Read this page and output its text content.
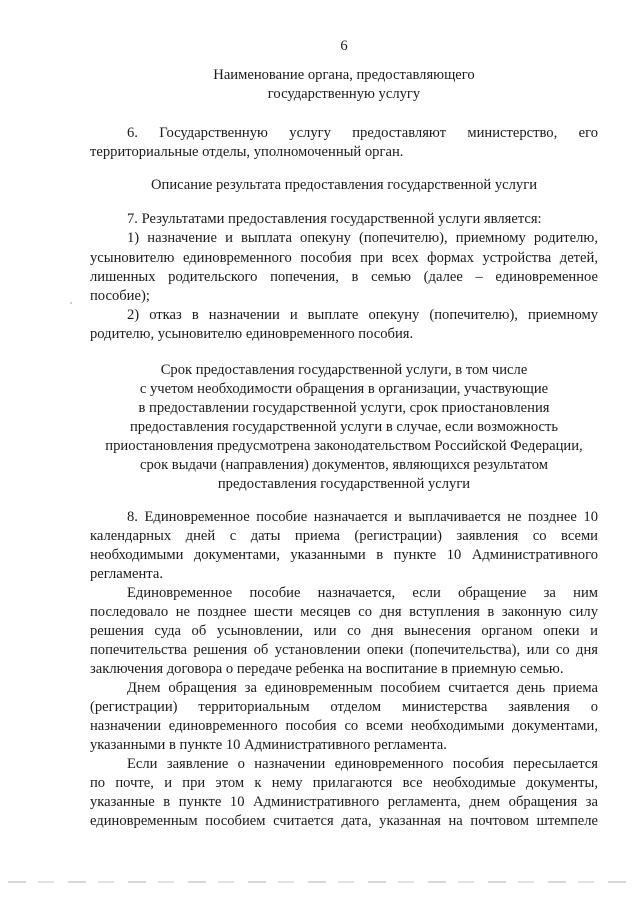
6
Наименование органа, предоставляющего
государственную услугу
6. Государственную услугу предоставляют министерство, его
территориальные отделы, уполномоченный орган.
Описание результата предоставления государственной услуги
7. Результатами предоставления государственной услуги является:
1) назначение и выплата опекуну (попечителю), приемному родителю,
усыновителю единовременного пособия при всех формах устройства детей,
лишенных родительского попечения, в семью (далее – единовременное
пособие);
2) отказ в назначении и выплате опекуну (попечителю), приемному
родителю, усыновителю единовременного пособия.
Срок предоставления государственной услуги, в том числе
с учетом необходимости обращения в организации, участвующие
в предоставлении государственной услуги, срок приостановления
предоставления государственной услуги в случае, если возможность
приостановления предусмотрена законодательством Российской Федерации,
срок выдачи (направления) документов, являющихся результатом
предоставления государственной услуги
8. Единовременное пособие назначается и выплачивается не позднее 10
календарных дней с даты приема (регистрации) заявления со всеми
необходимыми документами, указанными в пункте 10 Административного
регламента.
Единовременное пособие назначается, если обращение за ним
последовало не позднее шести месяцев со дня вступления в законную силу
решения суда об усыновлении, или со дня вынесения органом опеки и
попечительства решения об установлении опеки (попечительства), или со дня
заключения договора о передаче ребенка на воспитание в приемную семью.
Днем обращения за единовременным пособием считается день приема
(регистрации) территориальным отделом министерства заявления о
назначении единовременного пособия со всеми необходимыми документами,
указанными в пункте 10 Административного регламента.
Если заявление о назначении единовременного пособия пересылается
по почте, и при этом к нему прилагаются все необходимые документы,
указанные в пункте 10 Административного регламента, днем обращения за
единовременным пособием считается дата, указанная на почтовом штемпеле
